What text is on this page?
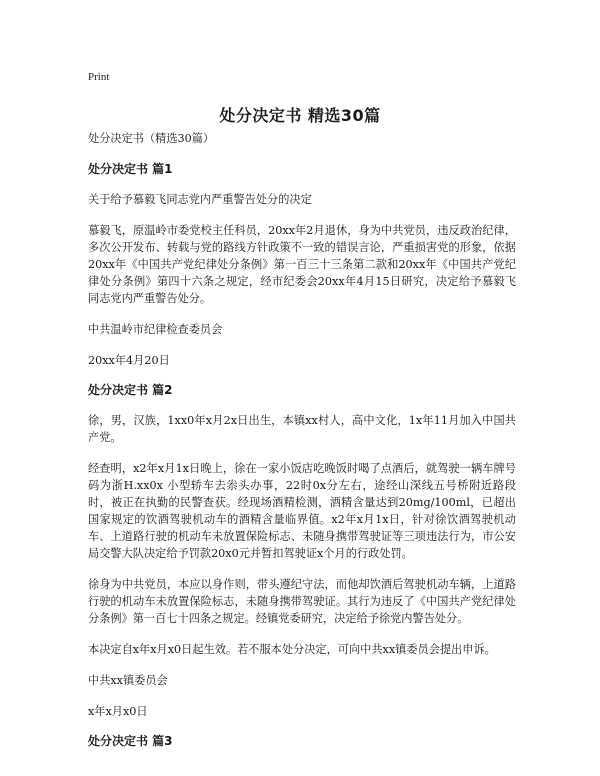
Print
处分决定书 精选30篇

处分决定书（精选30篇）

处分决定书 篇1

关于给予慕毅飞同志党内严重警告处分的决定

慕毅飞，原温岭市委党校主任科员，20xx年2月退休，身为中共党员，违反政治纪律，多次公开发布、转载与党的路线方针政策不一致的错误言论，严重损害党的形象，依据20xx年《中国共产党纪律处分条例》第一百三十三条第二款和20xx年《中国共产党纪律处分条例》第四十六条之规定，经市纪委会20xx年4月15日研究，决定给予慕毅飞同志党内严重警告处分。

中共温岭市纪律检查委员会

20xx年4月20日

处分决定书 篇2

徐，男，汉族，1xx0年x月2x日出生，本镇xx村人，高中文化，1x年11月加入中国共产党。

经查明，x2年x月1x日晚上，徐在一家小饭店吃晚饭时喝了点酒后，就驾驶一辆车牌号码为浙H.xx0x 小型轿车去尜头办事，22时0x分左右，途经山深线五号桥附近路段时，被正在执勤的民警查获。经现场酒精检测，酒精含量达到20mg/100ml，已超出国家规定的饮酒驾驶机动车的酒精含量临界值。x2年x月1x日，针对徐饮酒驾驶机动车、上道路行驶的机动车未放置保险标志、未随身携带驾驶证等三项违法行为，市公安局交警大队决定给予罚款20x0元并暂扣驾驶证x个月的行政处罚。

徐身为中共党员，本应以身作则，带头遵纪守法，而他却饮酒后驾驶机动车辆，上道路行驶的机动车未放置保险标志，未随身携带驾驶证。其行为违反了《中国共产党纪律处分条例》第一百七十四条之规定。经镇党委研究，决定给予徐党内警告处分。

本决定自x年x月x0日起生效。若不服本处分决定，可向中共xx镇委员会提出申诉。

中共xx镇委员会

x年x月x0日

处分决定书 篇3
